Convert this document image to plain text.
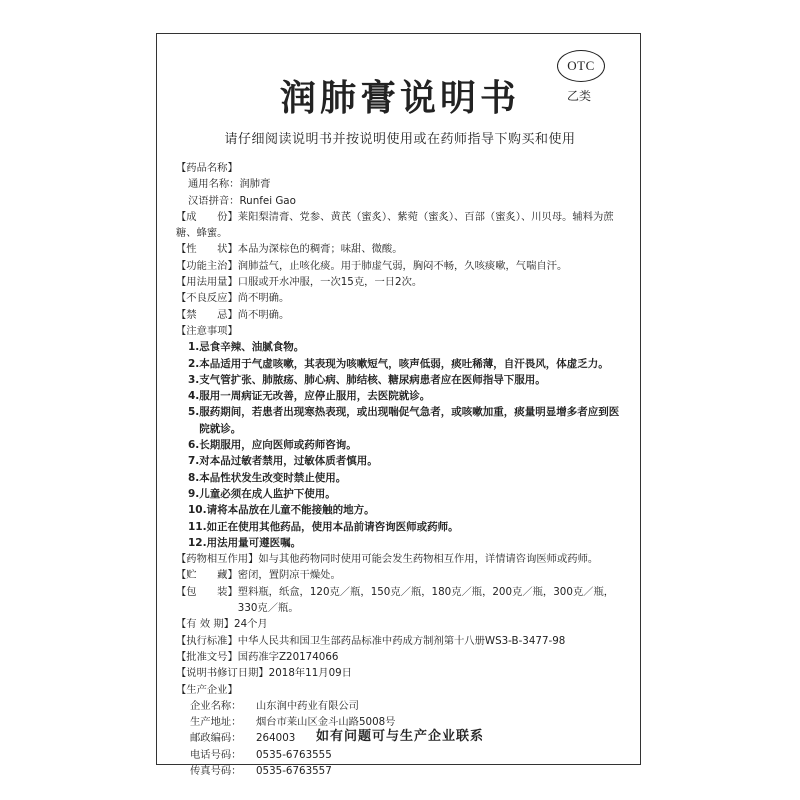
OTC
乙类
润肺膏说明书
请仔细阅读说明书并按说明使用或在药师指导下购买和使用
【药品名称】
通用名称： 润肺膏
汉语拼音： Runfei Gao
【成　　份】莱阳梨清膏、党参、黄芪（蜜炙）、紫菀（蜜炙）、百部（蜜炙）、川贝母。辅料为蔗糖、蜂蜜。
【性　　状】 本品为深棕色的稠膏；味甜、微酸。
【功能主治】 润肺益气，止咳化痰。用于肺虚气弱，胸闷不畅，久咳痰嗽，气喘自汗。
【用法用量】 口服或开水冲服，一次15克，一日2次。
【不良反应】 尚不明确。
【禁　　忌】 尚不明确。
【注意事项】
1. 忌食辛辣、油腻食物。
2. 本品适用于气虚咳嗽，其表现为咳嗽短气，咳声低弱，痰吐稀薄，自汗畏风，体虚乏力。
3. 支气管扩张、肺脓疡、肺心病、肺结核、糖尿病患者应在医师指导下服用。
4. 服用一周病证无改善，应停止服用，去医院就诊。
5. 服药期间，若患者出现寒热表现，或出现喘促气急者，或咳嗽加重，痰量明显增多者应到医院就诊。
6. 长期服用，应向医师或药师咨询。
7. 对本品过敏者禁用，过敏体质者慎用。
8. 本品性状发生改变时禁止使用。
9. 儿童必须在成人监护下使用。
10. 请将本品放在儿童不能接触的地方。
11. 如正在使用其他药品，使用本品前请咨询医师或药师。
12. 用法用量可遵医嘱。
【药物相互作用】 如与其他药物同时使用可能会发生药物相互作用，详情请咨询医师或药师。
【贮　　藏】 密闭，置阴凉干燥处。
【包　　装】 塑料瓶，纸盒，120克／瓶，150克／瓶，180克／瓶，200克／瓶，300克／瓶，330克／瓶。
【有 效 期】 24个月
【执行标准】 中华人民共和国卫生部药品标准中药成方制剂第十八册WS3-B-3477-98
【批准文号】 国药准字Z20174066
【说明书修订日期】 2018年11月09日
【生产企业】
企业名称：	山东润中药业有限公司
生产地址：	烟台市莱山区金斗山路5008号
邮政编码：	264003
电话号码：	0535-6763555
传真号码：	0535-6763557
如有问题可与生产企业联系
